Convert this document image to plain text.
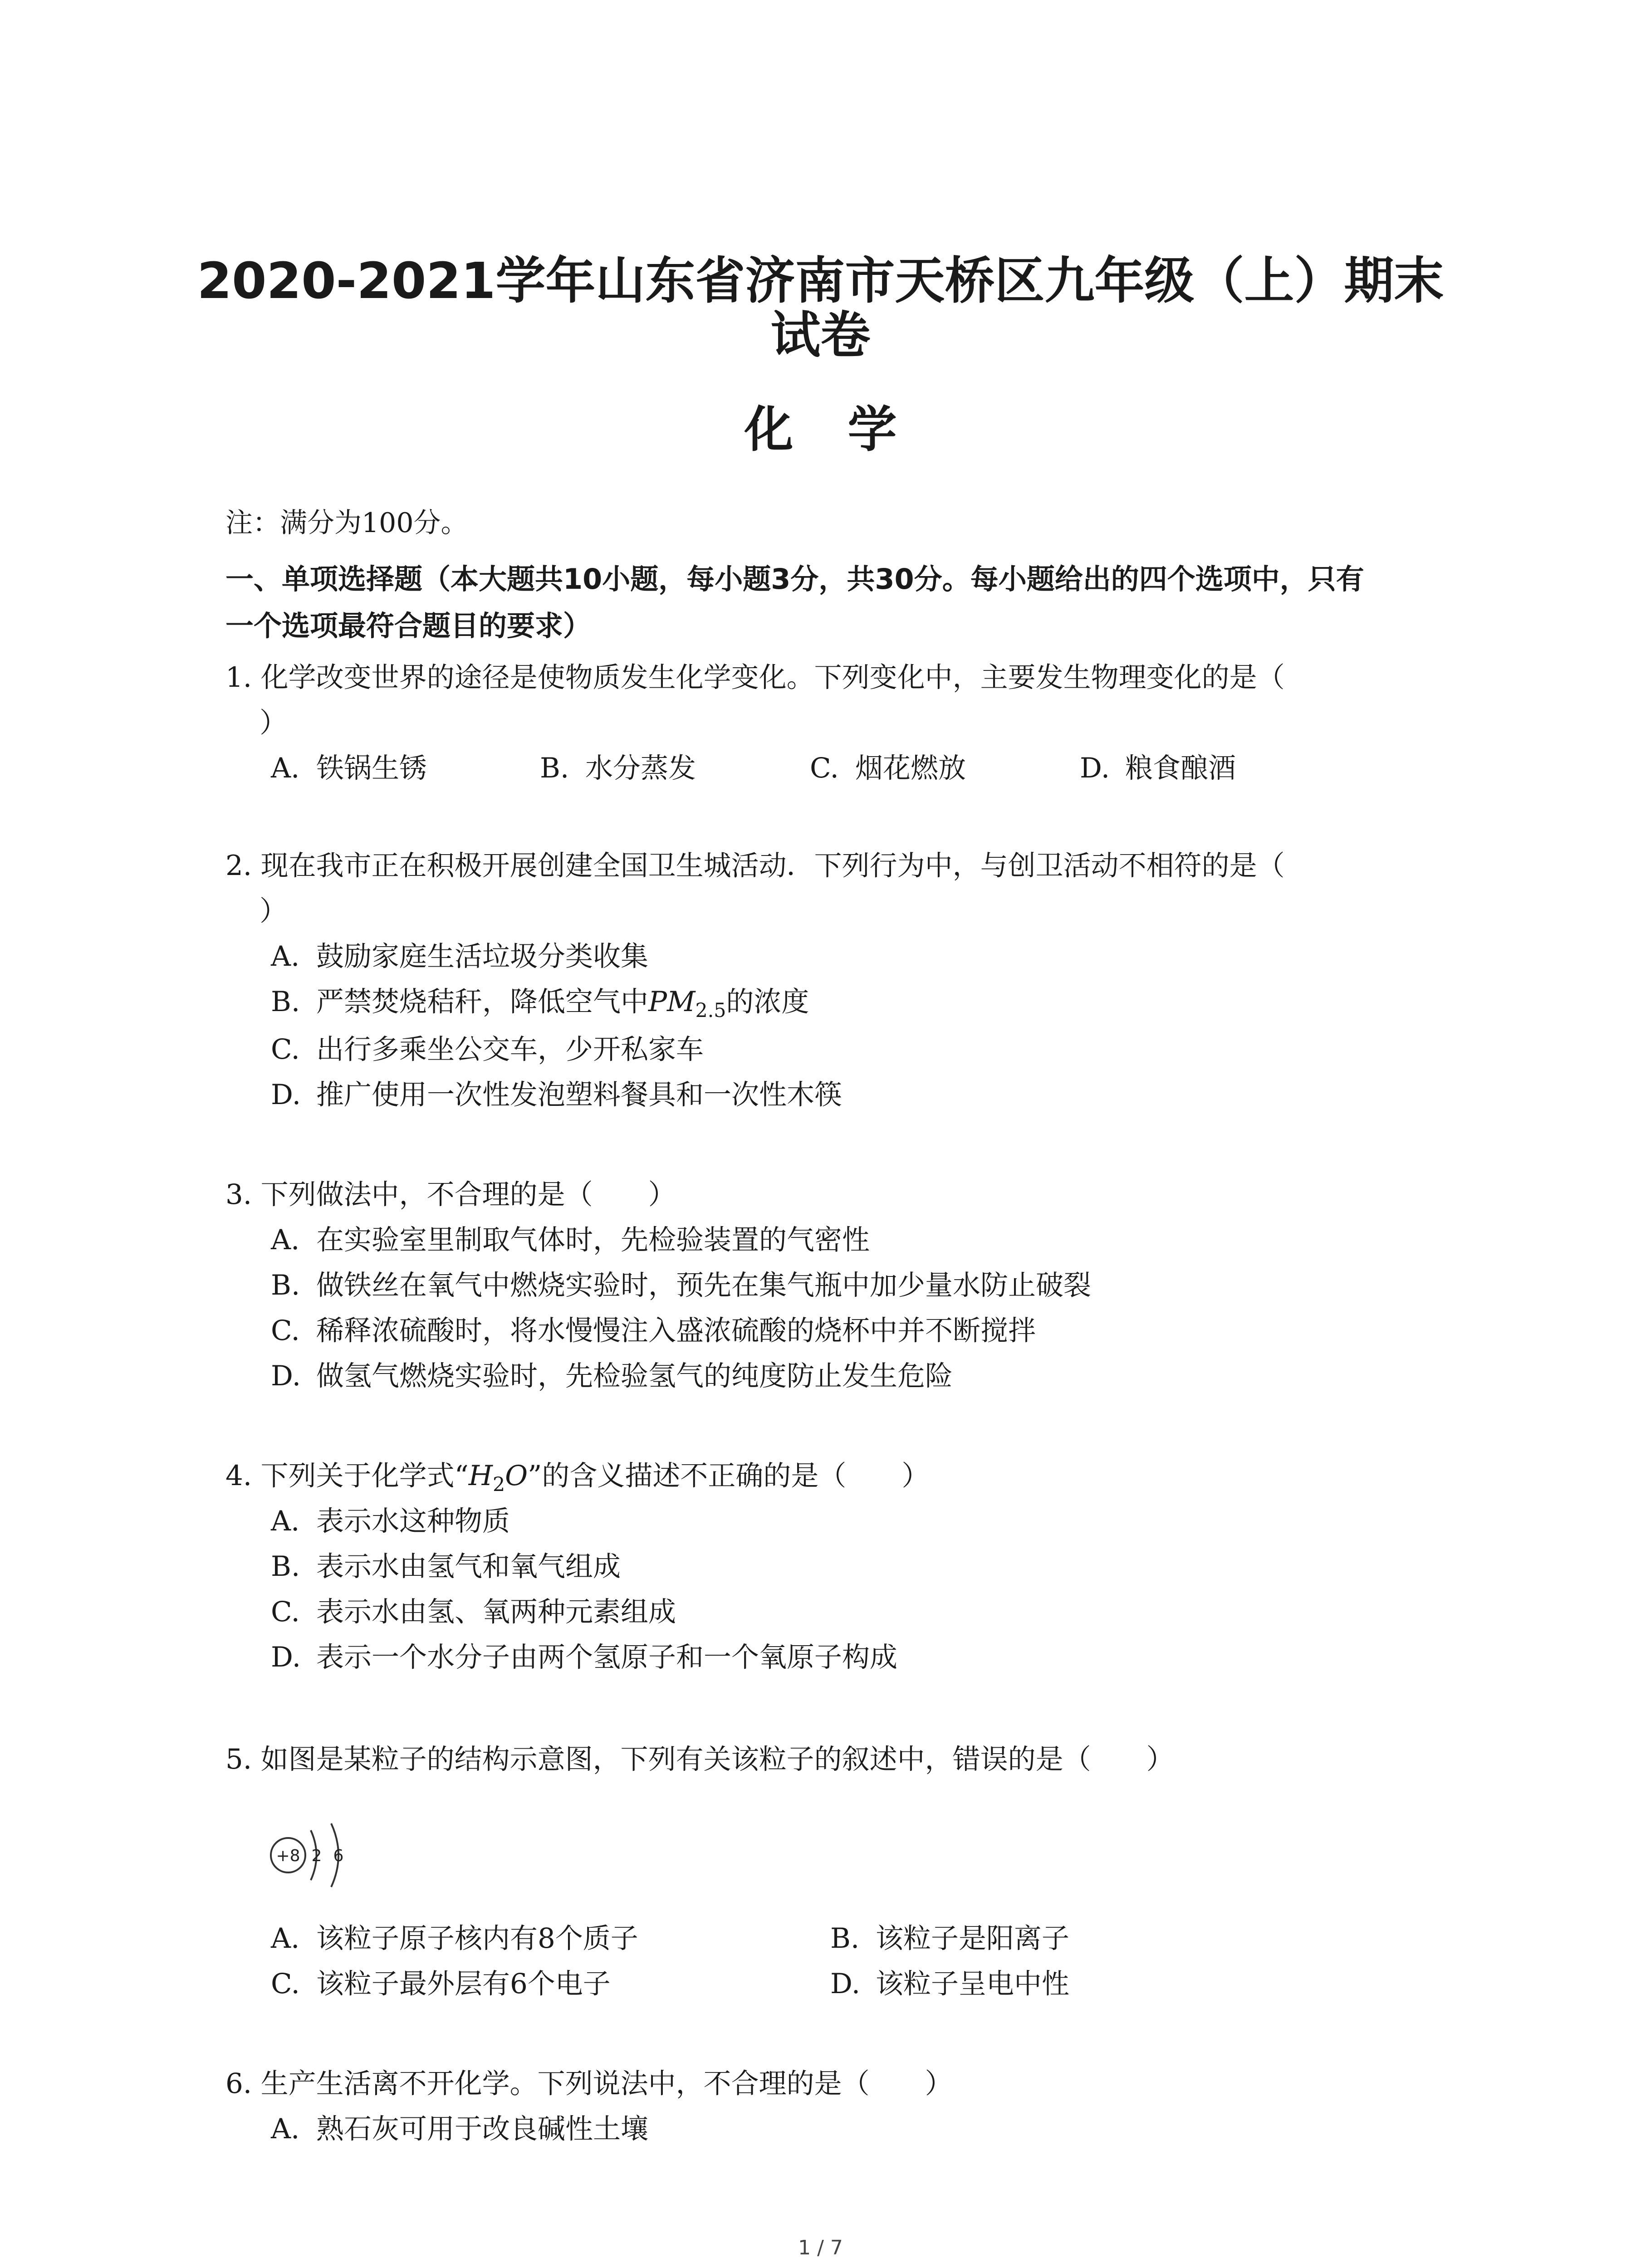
2020-2021学年山东省济南市天桥区九年级（上）期末
试卷
化学
注：满分为100分。
一、单项选择题（本大题共10小题，每小题3分，共30分。每小题给出的四个选项中，只有
一个选项最符合题目的要求）
1. 化学改变世界的途径是使物质发生化学变化。下列变化中，主要发生物理变化的是（
）
A. 铁锅生锈	B. 水分蒸发	C. 烟花燃放	D. 粮食酿酒
2. 现在我市正在积极开展创建全国卫生城活动．下列行为中，与创卫活动不相符的是（
）
A. 鼓励家庭生活垃圾分类收集
B. 严禁焚烧秸秆，降低空气中$PM_{2.5}$的浓度
C. 出行多乘坐公交车，少开私家车
D. 推广使用一次性发泡塑料餐具和一次性木筷
3. 下列做法中，不合理的是（　　）
A. 在实验室里制取气体时，先检验装置的气密性
B. 做铁丝在氧气中燃烧实验时，预先在集气瓶中加少量水防止破裂
C. 稀释浓硫酸时，将水慢慢注入盛浓硫酸的烧杯中并不断搅拌
D. 做氢气燃烧实验时，先检验氢气的纯度防止发生危险
4. 下列关于化学式“$H_2O$”的含义描述不正确的是（　　）
A. 表示水这种物质
B. 表示水由氢气和氧气组成
C. 表示水由氢、氧两种元素组成
D. 表示一个水分子由两个氢原子和一个氧原子构成
5. 如图是某粒子的结构示意图，下列有关该粒子的叙述中，错误的是（　　）
+8 2 6
A. 该粒子原子核内有8个质子	B. 该粒子是阳离子
C. 该粒子最外层有6个电子	D. 该粒子呈电中性
6. 生产生活离不开化学。下列说法中，不合理的是（　　）
A. 熟石灰可用于改良碱性土壤
1 / 7
